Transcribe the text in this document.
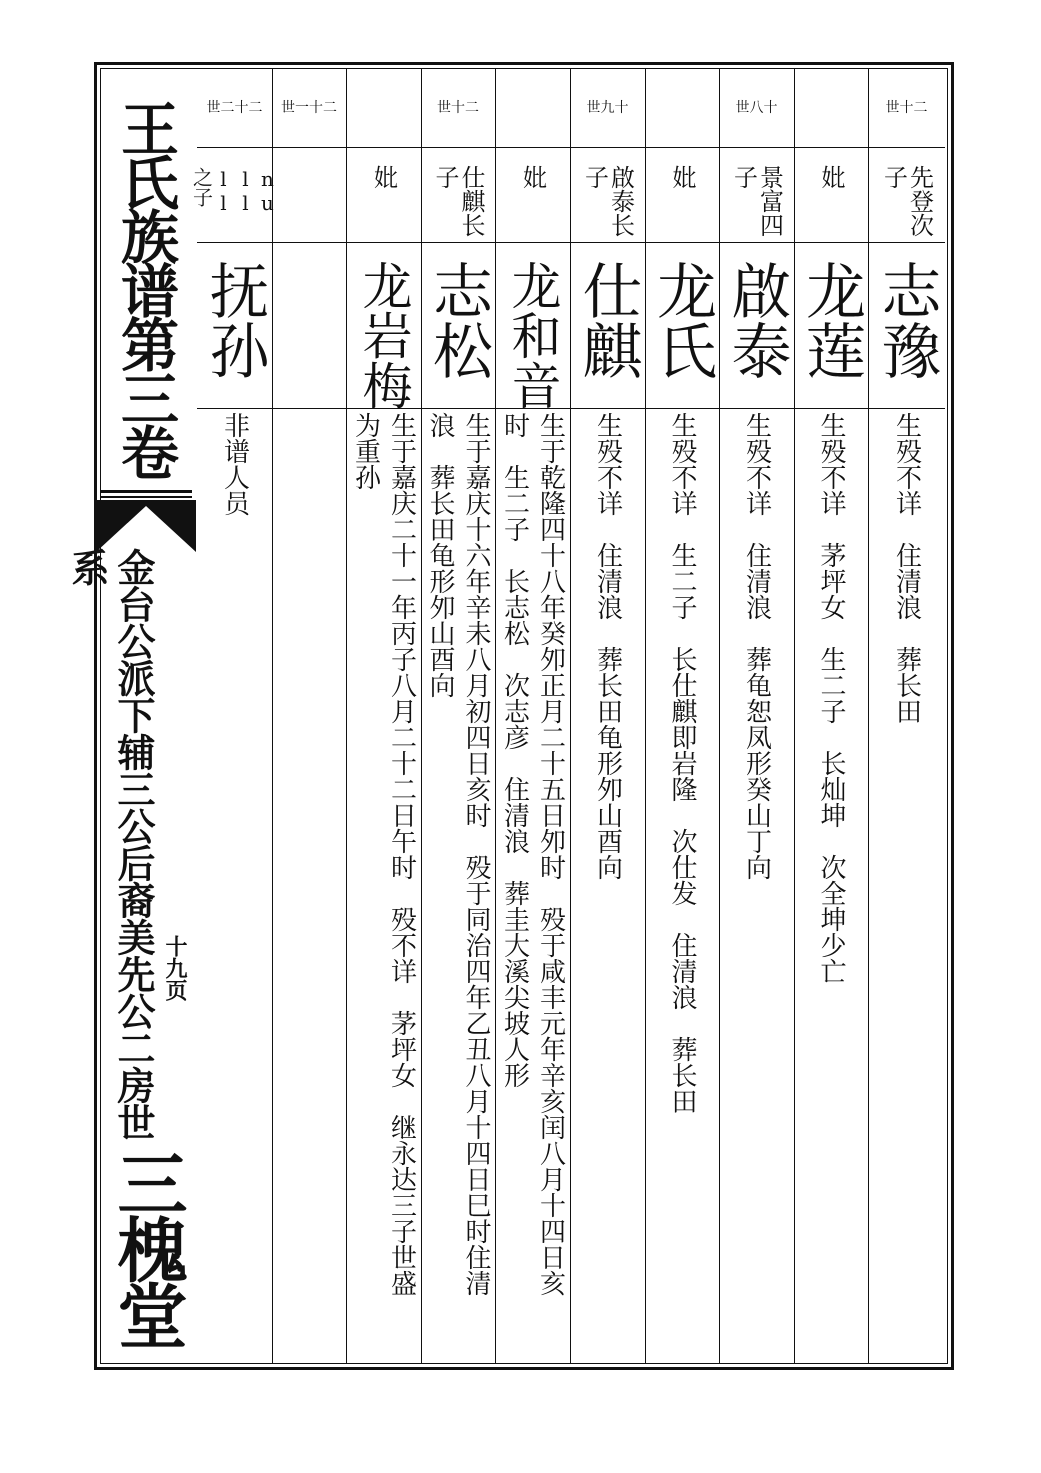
王氏族谱第三卷
金台公派下辅三公后裔美先公二房世系
十九页
三槐堂
世十二
先登次子
志豫
生殁不详　住清浪　葬长田
妣
龙莲
生殁不详　茅坪女　生二子　长灿坤　次全坤少亡
世八十
景富四子
啟泰
生殁不详　住清浪　葬龟恕凤形癸山丁向
妣
龙氏
生殁不详　生二子　长仕麒即岩隆　次仕发　住清浪　葬长田
世九十
啟泰长子
仕麒
生殁不详　住清浪　葬长田龟形夘山酉向
妣
龙和音
生于乾隆四十八年癸夘正月二十五日夘时　殁于咸丰元年辛亥闰八月十四日亥时　生二子　长志松　次志彦　住清浪　葬圭大溪尖坡人形
世十二
仕麒长子
志松
生于嘉庆十六年辛未八月初四日亥时　殁于同治四年乙丑八月十四日巳时住清浪　葬长田龟形夘山酉向
妣
龙岩梅
生于嘉庆二十一年丙子八月二十二日午时　殁不详　茅坪女　继永达三子世盛为重孙
世一十二
世二十二
nu ll ll 之子
抚孙
非谱人员
